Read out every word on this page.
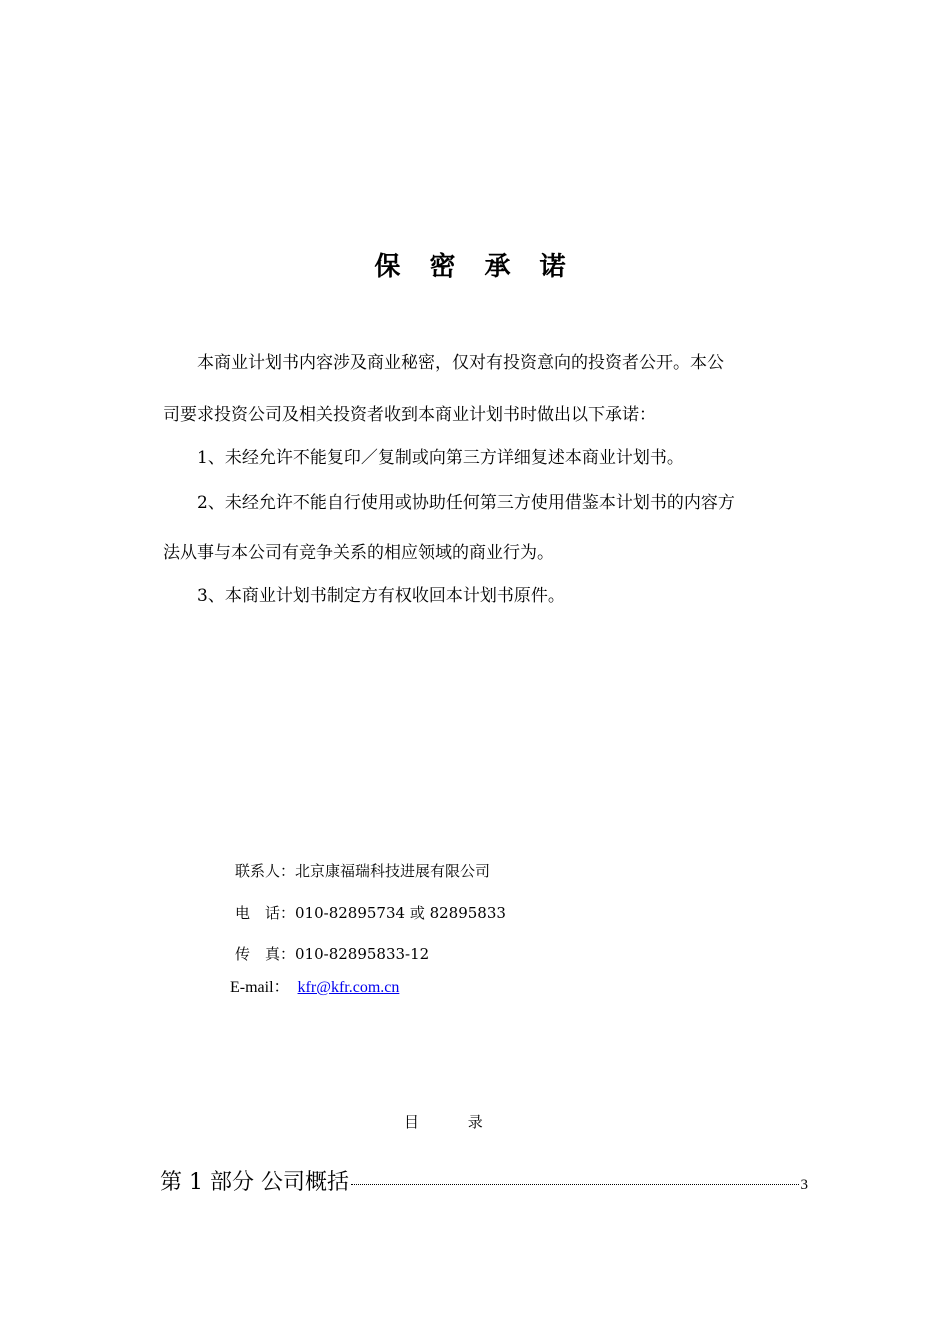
保 密 承 诺
　　本商业计划书内容涉及商业秘密，仅对有投资意向的投资者公开。本公
司要求投资公司及相关投资者收到本商业计划书时做出以下承诺：
　　1、未经允许不能复印／复制或向第三方详细复述本商业计划书。
　　2、未经允许不能自行使用或协助任何第三方使用借鉴本计划书的内容方
法从事与本公司有竞争关系的相应领域的商业行为。
　　3、本商业计划书制定方有权收回本计划书原件。
联系人：北京康福瑞科技进展有限公司
电　话：010-82895734 或 82895833
传　真：010-82895833-12
E-mail： kfr@kfr.com.cn
目 录
第 1 部分 公司概括	3
